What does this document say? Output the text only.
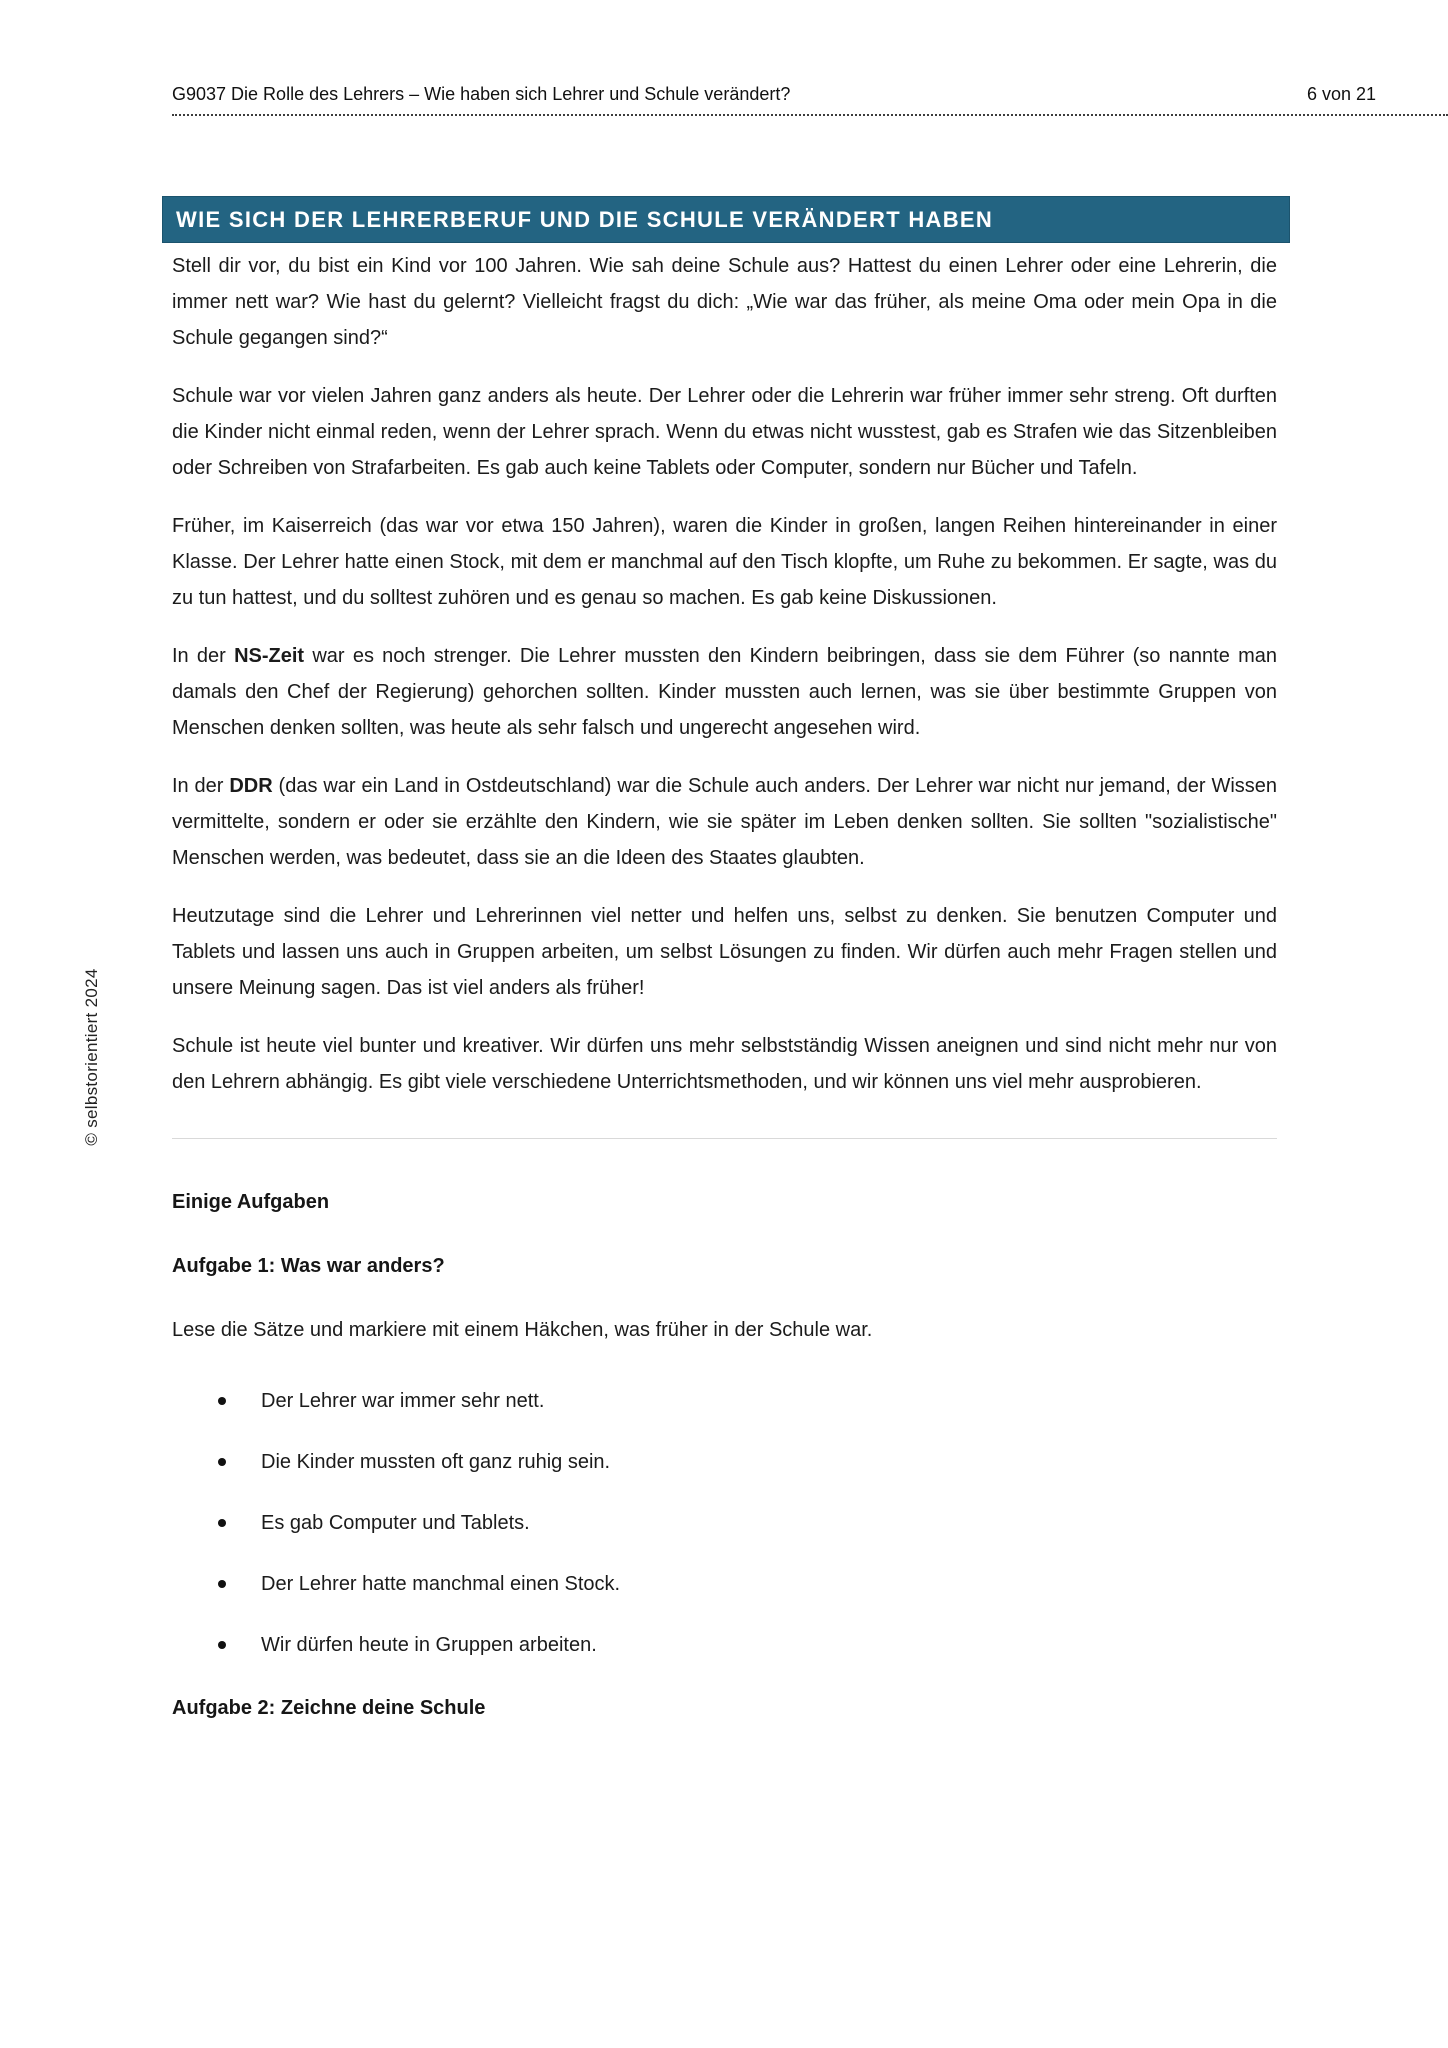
G9037 Die Rolle des Lehrers – Wie haben sich Lehrer und Schule verändert?	6 von 21
WIE SICH DER LEHRERBERUF UND DIE SCHULE VERÄNDERT HABEN
© selbstorientiert 2024

Stell dir vor, du bist ein Kind vor 100 Jahren. Wie sah deine Schule aus? Hattest du einen Lehrer oder eine Lehrerin, die immer nett war? Wie hast du gelernt? Vielleicht fragst du dich: „Wie war das früher, als meine Oma oder mein Opa in die Schule gegangen sind?“

Schule war vor vielen Jahren ganz anders als heute. Der Lehrer oder die Lehrerin war früher immer sehr streng. Oft durften die Kinder nicht einmal reden, wenn der Lehrer sprach. Wenn du etwas nicht wusstest, gab es Strafen wie das Sitzenbleiben oder Schreiben von Strafarbeiten. Es gab auch keine Tablets oder Computer, sondern nur Bücher und Tafeln.

Früher, im Kaiserreich (das war vor etwa 150 Jahren), waren die Kinder in großen, langen Reihen hintereinander in einer Klasse. Der Lehrer hatte einen Stock, mit dem er manchmal auf den Tisch klopfte, um Ruhe zu bekommen. Er sagte, was du zu tun hattest, und du solltest zuhören und es genau so machen. Es gab keine Diskussionen.

In der NS-Zeit war es noch strenger. Die Lehrer mussten den Kindern beibringen, dass sie dem Führer (so nannte man damals den Chef der Regierung) gehorchen sollten. Kinder mussten auch lernen, was sie über bestimmte Gruppen von Menschen denken sollten, was heute als sehr falsch und ungerecht angesehen wird.

In der DDR (das war ein Land in Ostdeutschland) war die Schule auch anders. Der Lehrer war nicht nur jemand, der Wissen vermittelte, sondern er oder sie erzählte den Kindern, wie sie später im Leben denken sollten. Sie sollten "sozialistische" Menschen werden, was bedeutet, dass sie an die Ideen des Staates glaubten.

Heutzutage sind die Lehrer und Lehrerinnen viel netter und helfen uns, selbst zu denken. Sie benutzen Computer und Tablets und lassen uns auch in Gruppen arbeiten, um selbst Lösungen zu finden. Wir dürfen auch mehr Fragen stellen und unsere Meinung sagen. Das ist viel anders als früher!

Schule ist heute viel bunter und kreativer. Wir dürfen uns mehr selbstständig Wissen aneignen und sind nicht mehr nur von den Lehrern abhängig. Es gibt viele verschiedene Unterrichtsmethoden, und wir können uns viel mehr ausprobieren.

Einige Aufgaben
Aufgabe 1: Was war anders?

Lese die Sätze und markiere mit einem Häkchen, was früher in der Schule war.

Der Lehrer war immer sehr nett.
Die Kinder mussten oft ganz ruhig sein.
Es gab Computer und Tablets.
Der Lehrer hatte manchmal einen Stock.
Wir dürfen heute in Gruppen arbeiten.
Aufgabe 2: Zeichne deine Schule
